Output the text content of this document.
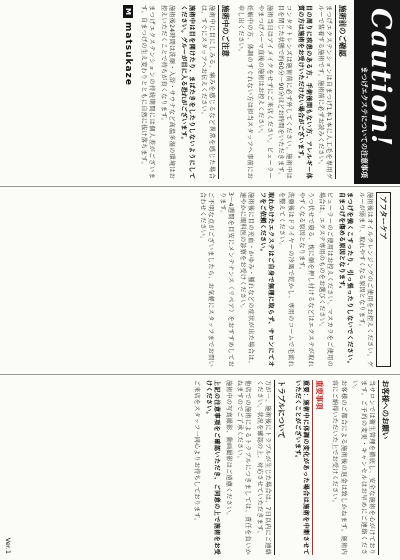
Caution!
まつげエクステについての注意事項
施術前のご確認

まつげエクステンションは自まつげ1本1本に人工毛を専用グルーで装着する施術です。施術前に必ずお読みください。

目の周りに疾患のある方、手術後間もない方、アレルギー体質の方は施術をお受けいただけない場合がございます。

コンタクトレンズは施術前に必ず外してください。施術中は目を閉じた状態で約60分〜90分ほどお時間をいただきます。

施術当日はアイメイクをせずにご来店ください。ビューラーやまつげパーマ直後の施術はお控えください。

妊娠中の方、体調のすぐれない方は担当スタッフへ事前にお申し出ください。

施術中のご注意

施術中に目にしみる、痛みを感じるなど異常を感じた場合は、すぐにスタッフへお伝えください。

施術中は目を開けたり、まばたきをしたりしないようにしてください。グルーが目に入る恐れがございます。

施術後24時間は洗顔・入浴・サウナなど高温多湿の環境はお控えいただくことで持ちが良くなります。

まつげエクステンションの持続期間には個人差がございます。自まつげの生え変わりとともに自然に抜け落ちます。

M
matsukaze
アフターケア

施術後はオイルクレンジングのご使用をお控えください。グルーが弱まり、取れやすくなる原因となります。

まつげを強くこすったり、引っ張ったりしないでください。自まつげを傷める原因となります。

ビューラーのご使用はお控えください。マスカラをご使用の場合は、エクステ専用のものをお選びください。

うつ伏せで寝る、枕に顔を押し付けるなどはエクステが取れやすくなる原因となります。

洗顔後はドライヤーの冷風で乾かし、専用のコームで毛流れを整えてください。

取れかけたエクステはご自身で無理に取らず、サロンにてオフをご依頼ください。

施術後に目の充血・かゆみ・腫れなどの症状が出た場合は、速やかに眼科医の診察をお受けください。

3〜4週間を目安にメンテナンス（リペア）をおすすめしております。

ご不明な点がございましたら、お気軽にスタッフまでお問い合わせください。

お客様へのお願い

当サロンでは衛生管理を徹底し、安全な施術を心がけております。ご予約の変更・キャンセルはお早めにご連絡ください。

お客様のご都合による施術後の返金は致しかねます。施術内容にご納得いただいた上でお受けください。

重要事項

重要：施術中に体調の変化があった場合は施術を中断させていただくことがございます。

トラブルについて

万が一、施術後にトラブルが生じた場合は、7日以内にご連絡ください。状況を確認の上、対応させていただきます。

他店での施術によるトラブルにつきましては、責任を負いかねますのでご了承ください。

施術中の写真撮影、動画撮影はご遠慮ください。

上記の注意事項をご確認いただき、ご同意の上で施術をお受けください。

ご来店をスタッフ一同心よりお待ちしております。

Ver.1
